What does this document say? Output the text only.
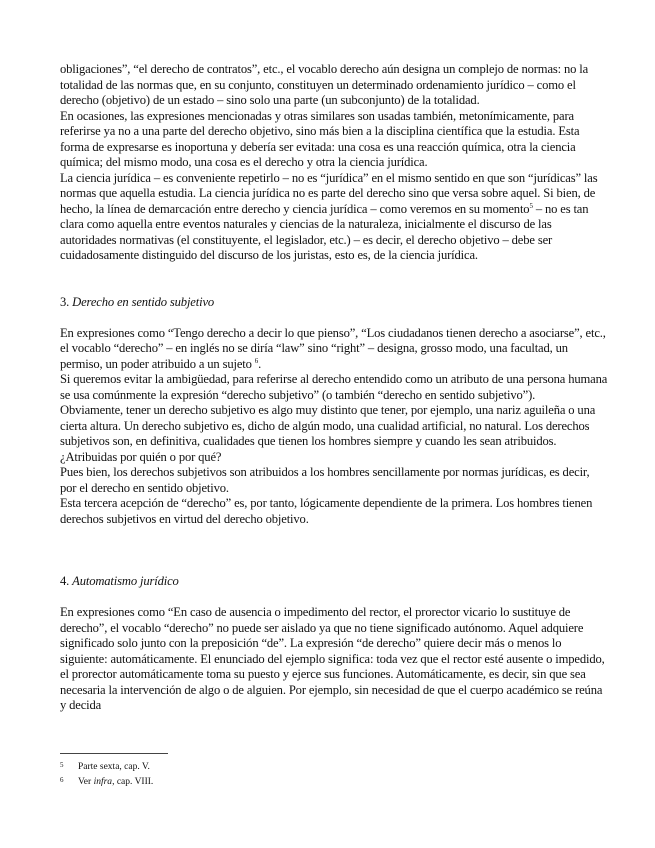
obligaciones”, “el derecho de contratos”, etc., el vocablo derecho aún designa un complejo de normas: no la totalidad de las normas que, en su conjunto, constituyen un determinado ordenamiento jurídico – como el derecho (objetivo) de un estado – sino solo una parte (un subconjunto) de la totalidad.

En ocasiones, las expresiones mencionadas y otras similares son usadas también, metonímicamente, para referirse ya no a una parte del derecho objetivo, sino más bien a la disciplina científica que la estudia. Esta forma de expresarse es inoportuna y debería ser evitada: una cosa es una reacción química, otra la ciencia química; del mismo modo, una cosa es el derecho y otra la ciencia jurídica.

La ciencia jurídica – es conveniente repetirlo – no es “jurídica” en el mismo sentido en que son “jurídicas” las normas que aquella estudia. La ciencia jurídica no es parte del derecho sino que versa sobre aquel. Si bien, de hecho, la línea de demarcación entre derecho y ciencia jurídica – como veremos en su momento$^5$ – no es tan clara como aquella entre eventos naturales y ciencias de la naturaleza, inicialmente el discurso de las autoridades normativas (el constituyente, el legislador, etc.) – es decir, el derecho objetivo – debe ser cuidadosamente distinguido del discurso de los juristas, esto es, de la ciencia jurídica.

3. Derecho en sentido subjetivo

En expresiones como “Tengo derecho a decir lo que pienso”, “Los ciudadanos tienen derecho a asociarse”, etc., el vocablo “derecho” – en inglés no se diría “law” sino “right” – designa, grosso modo, una facultad, un permiso, un poder atribuido a un sujeto $^6$.

Si queremos evitar la ambigüedad, para referirse al derecho entendido como un atributo de una persona humana se usa comúnmente la expresión “derecho subjetivo” (o también “derecho en sentido subjetivo”).

Obviamente, tener un derecho subjetivo es algo muy distinto que tener, por ejemplo, una nariz aguileña o una cierta altura. Un derecho subjetivo es, dicho de algún modo, una cualidad artificial, no natural. Los derechos subjetivos son, en definitiva, cualidades que tienen los hombres siempre y cuando les sean atribuidos. ¿Atribuidas por quién o por qué?

Pues bien, los derechos subjetivos son atribuidos a los hombres sencillamente por normas jurídicas, es decir, por el derecho en sentido objetivo.

Esta tercera acepción de “derecho” es, por tanto, lógicamente dependiente de la primera. Los hombres tienen derechos subjetivos en virtud del derecho objetivo.

4. Automatismo jurídico

En expresiones como “En caso de ausencia o impedimento del rector, el prorector vicario lo sustituye de derecho”, el vocablo “derecho” no puede ser aislado ya que no tiene significado autónomo. Aquel adquiere significado solo junto con la preposición “de”. La expresión “de derecho” quiere decir más o menos lo siguiente: automáticamente. El enunciado del ejemplo significa: toda vez que el rector esté ausente o impedido, el prorector automáticamente toma su puesto y ejerce sus funciones. Automáticamente, es decir, sin que sea necesaria la intervención de algo o de alguien. Por ejemplo, sin necesidad de que el cuerpo académico se reúna y decida

5	Parte sexta, cap. V.
6	Ver infra, cap. VIII.
